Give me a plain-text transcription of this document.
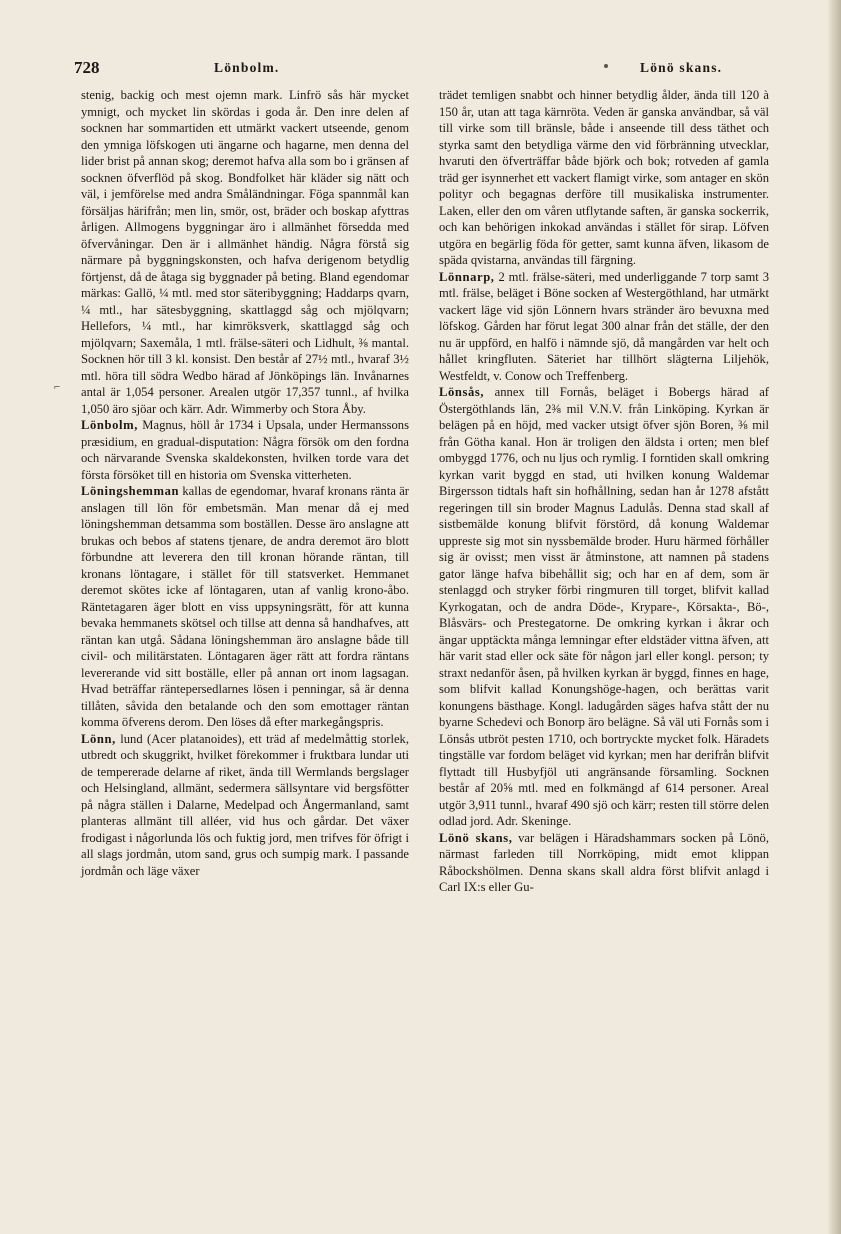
728	Lönbolm.	Lönö skans.
⌐

stenig, backig och mest ojemn mark. Linfrö sås här mycket ymnigt, och mycket lin skördas i goda år. Den inre delen af socknen har sommartiden ett utmärkt vackert utseende, genom den ymniga löfskogen uti ängarne och hagarne, men denna del lider brist på annan skog; deremot hafva alla som bo i gränsen af socknen öfverflöd på skog. Bondfolket här kläder sig nätt och väl, i jemförelse med andra Småländningar. Föga spannmål kan försäljas härifrån; men lin, smör, ost, bräder och boskap afyttras årligen. Allmogens byggningar äro i allmänhet försedda med öfvervåningar. Den är i allmänhet händig. Några förstå sig närmare på byggningskonsten, och hafva derigenom betydlig förtjenst, då de åtaga sig byggnader på beting. Bland egendomar märkas: Gallö, ¼ mtl. med stor säteribyggning; Haddarps qvarn, ¼ mtl., har sätesbyggning, skattlaggd såg och mjölqvarn; Hellefors, ¼ mtl., har kimröksverk, skattlaggd såg och mjölqvarn; Saxemåla, 1 mtl. frälse-säteri och Lidhult, ⅜ mantal. Socknen hör till 3 kl. konsist. Den består af 27½ mtl., hvaraf 3½ mtl. höra till södra Wedbo härad af Jönköpings län. Invånarnes antal är 1,054 personer. Arealen utgör 17,357 tunnl., af hvilka 1,050 äro sjöar och kärr. Adr. Wimmerby och Stora Åby.

Lönbolm, Magnus, höll år 1734 i Upsala, under Hermanssons præsidium, en gradual-disputation: Några försök om den fordna och närvarande Svenska skaldekonsten, hvilken torde vara det första försöket till en historia om Svenska vitterheten.

Löningshemman kallas de egendomar, hvaraf kronans ränta är anslagen till lön för embetsmän. Man menar då ej med löningshemman detsamma som boställen. Desse äro anslagne att brukas och bebos af statens tjenare, de andra deremot äro blott förbundne att leverera den till kronan hörande räntan, till kronans löntagare, i stället för till statsverket. Hemmanet deremot skötes icke af löntagaren, utan af vanlig krono-åbo. Räntetagaren äger blott en viss uppsyningsrätt, för att kunna bevaka hemmanets skötsel och tillse att denna så handhafves, att räntan kan utgå. Sådana löningshemman äro anslagne både till civil- och militärstaten. Löntagaren äger rätt att fordra räntans levererande vid sitt boställe, eller på annan ort inom lagsagan. Hvad beträffar räntepersedlarnes lösen i penningar, så är denna tillåten, såvida den betalande och den som emottager räntan komma öfverens derom. Den löses då efter markegångspris.

Lönn, lund (Acer platanoides), ett träd af medelmåttig storlek, utbredt och skuggrikt, hvilket förekommer i fruktbara lundar uti de tempererade delarne af riket, ända till Wermlands bergslager och Helsingland, allmänt, sedermera sällsyntare vid bergsfötter på några ställen i Dalarne, Medelpad och Ångermanland, samt planteras allmänt till alléer, vid hus och gårdar. Det växer frodigast i någorlunda lös och fuktig jord, men trifves för öfrigt i all slags jordmån, utom sand, grus och sumpig mark. I passande jordmån och läge växer

trädet temligen snabbt och hinner betydlig ålder, ända till 120 à 150 år, utan att taga kärnröta. Veden är ganska användbar, så väl till virke som till bränsle, både i anseende till dess täthet och styrka samt den betydliga värme den vid förbränning utvecklar, hvaruti den öfverträffar både björk och bok; rotveden af gamla träd ger isynnerhet ett vackert flamigt virke, som antager en skön polityr och begagnas derföre till musikaliska instrumenter. Laken, eller den om våren utflytande saften, är ganska sockerrik, och kan behörigen inkokad användas i stället för sirap. Löfven utgöra en begärlig föda för getter, samt kunna äfven, likasom de späda qvistarna, användas till färgning.

Lönnarp, 2 mtl. frälse-säteri, med underliggande 7 torp samt 3 mtl. frälse, beläget i Böne socken af Westergöthland, har utmärkt vackert läge vid sjön Lönnern hvars stränder äro bevuxna med löfskog. Gården har förut legat 300 alnar från det ställe, der den nu är uppförd, en halfö i nämnde sjö, då mangården var helt och hållet kringfluten. Säteriet har tillhört slägterna Liljehök, Westfeldt, v. Conow och Treffenberg.

Lönsås, annex till Fornås, beläget i Bobergs härad af Östergöthlands län, 2⅜ mil V.N.V. från Linköping. Kyrkan är belägen på en höjd, med vacker utsigt öfver sjön Boren, ⅜ mil från Götha kanal. Hon är troligen den äldsta i orten; men blef ombyggd 1776, och nu ljus och rymlig. I forntiden skall omkring kyrkan varit byggd en stad, uti hvilken konung Waldemar Birgersson tidtals haft sin hofhållning, sedan han år 1278 afstått regeringen till sin broder Magnus Ladulås. Denna stad skall af sistbemälde konung blifvit förstörd, då konung Waldemar uppreste sig mot sin nyssbemälde broder. Huru härmed förhåller sig är ovisst; men visst är åtminstone, att namnen på stadens gator länge hafva bibehållit sig; och har en af dem, som är stenlaggd och stryker förbi ringmuren till torget, blifvit kallad Kyrkogatan, och de andra Döde-, Krypare-, Körsakta-, Bö-, Blåsvärs- och Prestegatorne. De omkring kyrkan i åkrar och ängar upptäckta många lemningar efter eldstäder vittna äfven, att här varit stad eller ock säte för någon jarl eller kongl. person; ty straxt nedanför åsen, på hvilken kyrkan är byggd, finnes en hage, som blifvit kallad Konungshöge-hagen, och berättas varit konungens bästhage. Kongl. ladugården säges hafva stått der nu byarne Schedevi och Bonorp äro belägne. Så väl uti Fornås som i Lönsås utbröt pesten 1710, och bortryckte mycket folk. Häradets tingställe var fordom beläget vid kyrkan; men har derifrån blifvit flyttadt till Husbyfjöl uti angränsande församling. Socknen består af 20⅝ mtl. med en folkmängd af 614 personer. Areal utgör 3,911 tunnl., hvaraf 490 sjö och kärr; resten till större delen odlad jord. Adr. Skeninge.

Lönö skans, var belägen i Häradshammars socken på Lönö, närmast farleden till Norrköping, midt emot klippan Råbockshölmen. Denna skans skall aldra först blifvit anlagd i Carl IX:s eller Gu-
